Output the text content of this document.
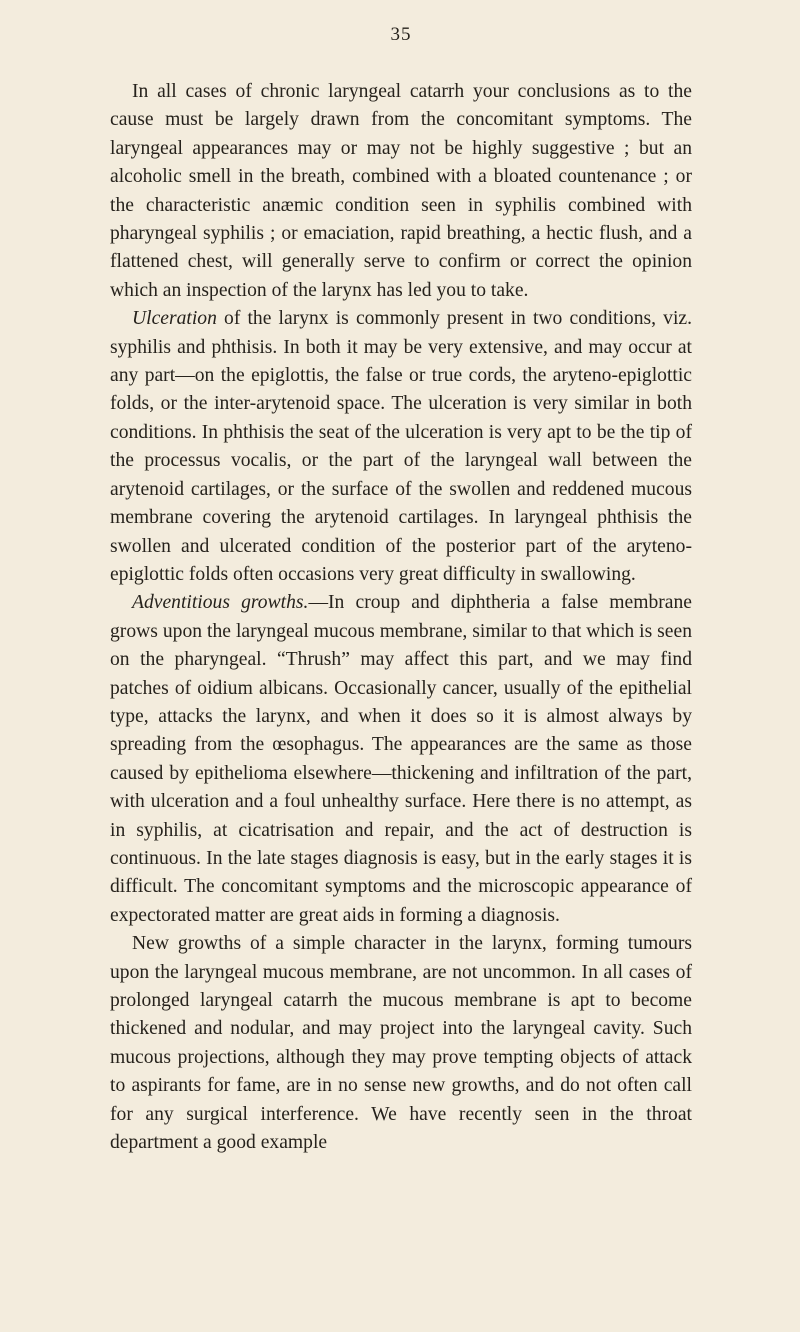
35

In all cases of chronic laryngeal catarrh your conclusions as to the cause must be largely drawn from the concomitant symptoms. The laryngeal appearances may or may not be highly suggestive ; but an alcoholic smell in the breath, combined with a bloated countenance ; or the characteristic anæmic condition seen in syphilis combined with pharyngeal syphilis ; or emaciation, rapid breathing, a hectic flush, and a flattened chest, will generally serve to confirm or correct the opinion which an inspection of the larynx has led you to take.

Ulceration of the larynx is commonly present in two conditions, viz. syphilis and phthisis. In both it may be very extensive, and may occur at any part—on the epiglottis, the false or true cords, the aryteno-epiglottic folds, or the inter-arytenoid space. The ulceration is very similar in both conditions. In phthisis the seat of the ulceration is very apt to be the tip of the processus vocalis, or the part of the laryngeal wall between the arytenoid cartilages, or the surface of the swollen and reddened mucous membrane covering the arytenoid cartilages. In laryngeal phthisis the swollen and ulcerated condition of the posterior part of the aryteno-epiglottic folds often occasions very great difficulty in swallowing.

Adventitious growths.—In croup and diphtheria a false membrane grows upon the laryngeal mucous membrane, similar to that which is seen on the pharyngeal. “Thrush” may affect this part, and we may find patches of oidium albicans. Occasionally cancer, usually of the epithelial type, attacks the larynx, and when it does so it is almost always by spreading from the œsophagus. The appearances are the same as those caused by epithelioma elsewhere—thickening and infiltration of the part, with ulceration and a foul unhealthy surface. Here there is no attempt, as in syphilis, at cicatrisation and repair, and the act of destruction is continuous. In the late stages diagnosis is easy, but in the early stages it is difficult. The concomitant symptoms and the microscopic appearance of expectorated matter are great aids in forming a diagnosis.

New growths of a simple character in the larynx, forming tumours upon the laryngeal mucous membrane, are not uncommon. In all cases of prolonged laryngeal catarrh the mucous membrane is apt to become thickened and nodular, and may project into the laryngeal cavity. Such mucous projections, although they may prove tempting objects of attack to aspirants for fame, are in no sense new growths, and do not often call for any surgical interference. We have recently seen in the throat department a good example
